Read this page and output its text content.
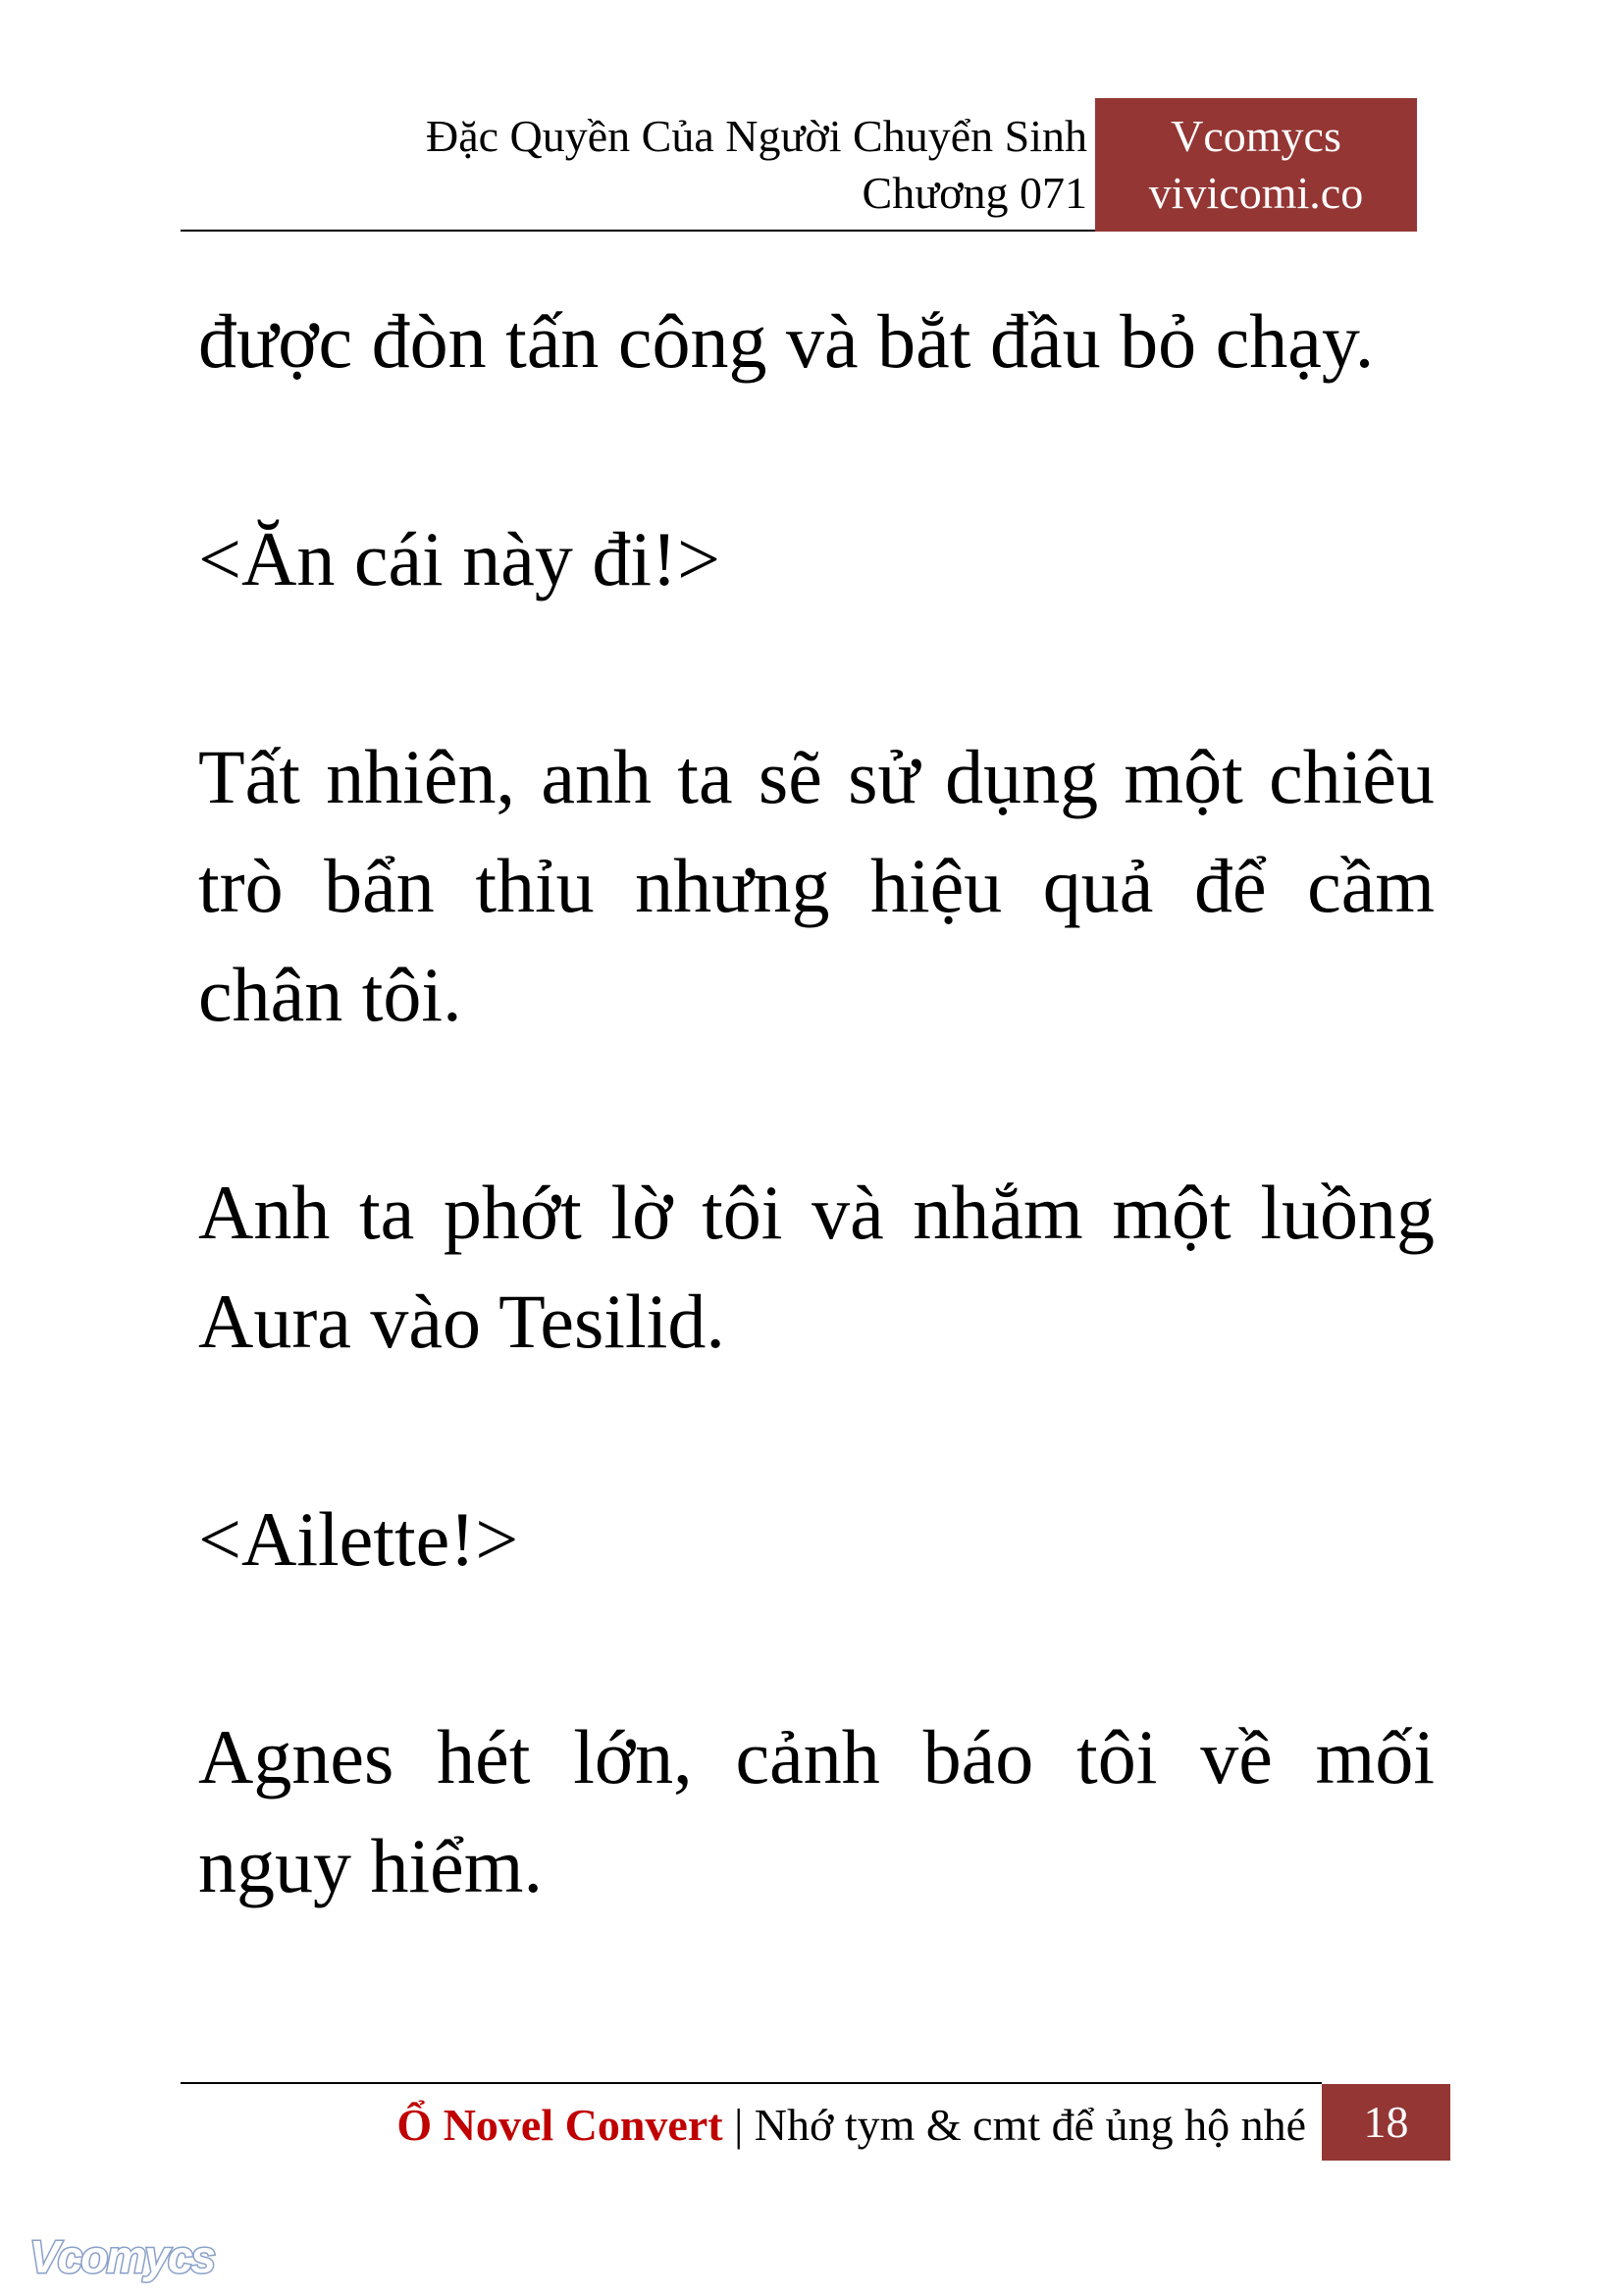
Đặc Quyền Của Người Chuyển Sinh
Chương 071
Vcomycs
vivicomi.co

được đòn tấn công và bắt đầu bỏ chạy.

<Ăn cái này đi!>

Tất nhiên, anh ta sẽ sử dụng một chiêu trò bẩn thỉu nhưng hiệu quả để cầm chân tôi.

Anh ta phớt lờ tôi và nhắm một luồng Aura vào Tesilid.

<Ailette!>

Agnes hét lớn, cảnh báo tôi về mối nguy hiểm.

Ổ Novel Convert | Nhớ tym & cmt để ủng hộ nhé	18
Vcomycs
